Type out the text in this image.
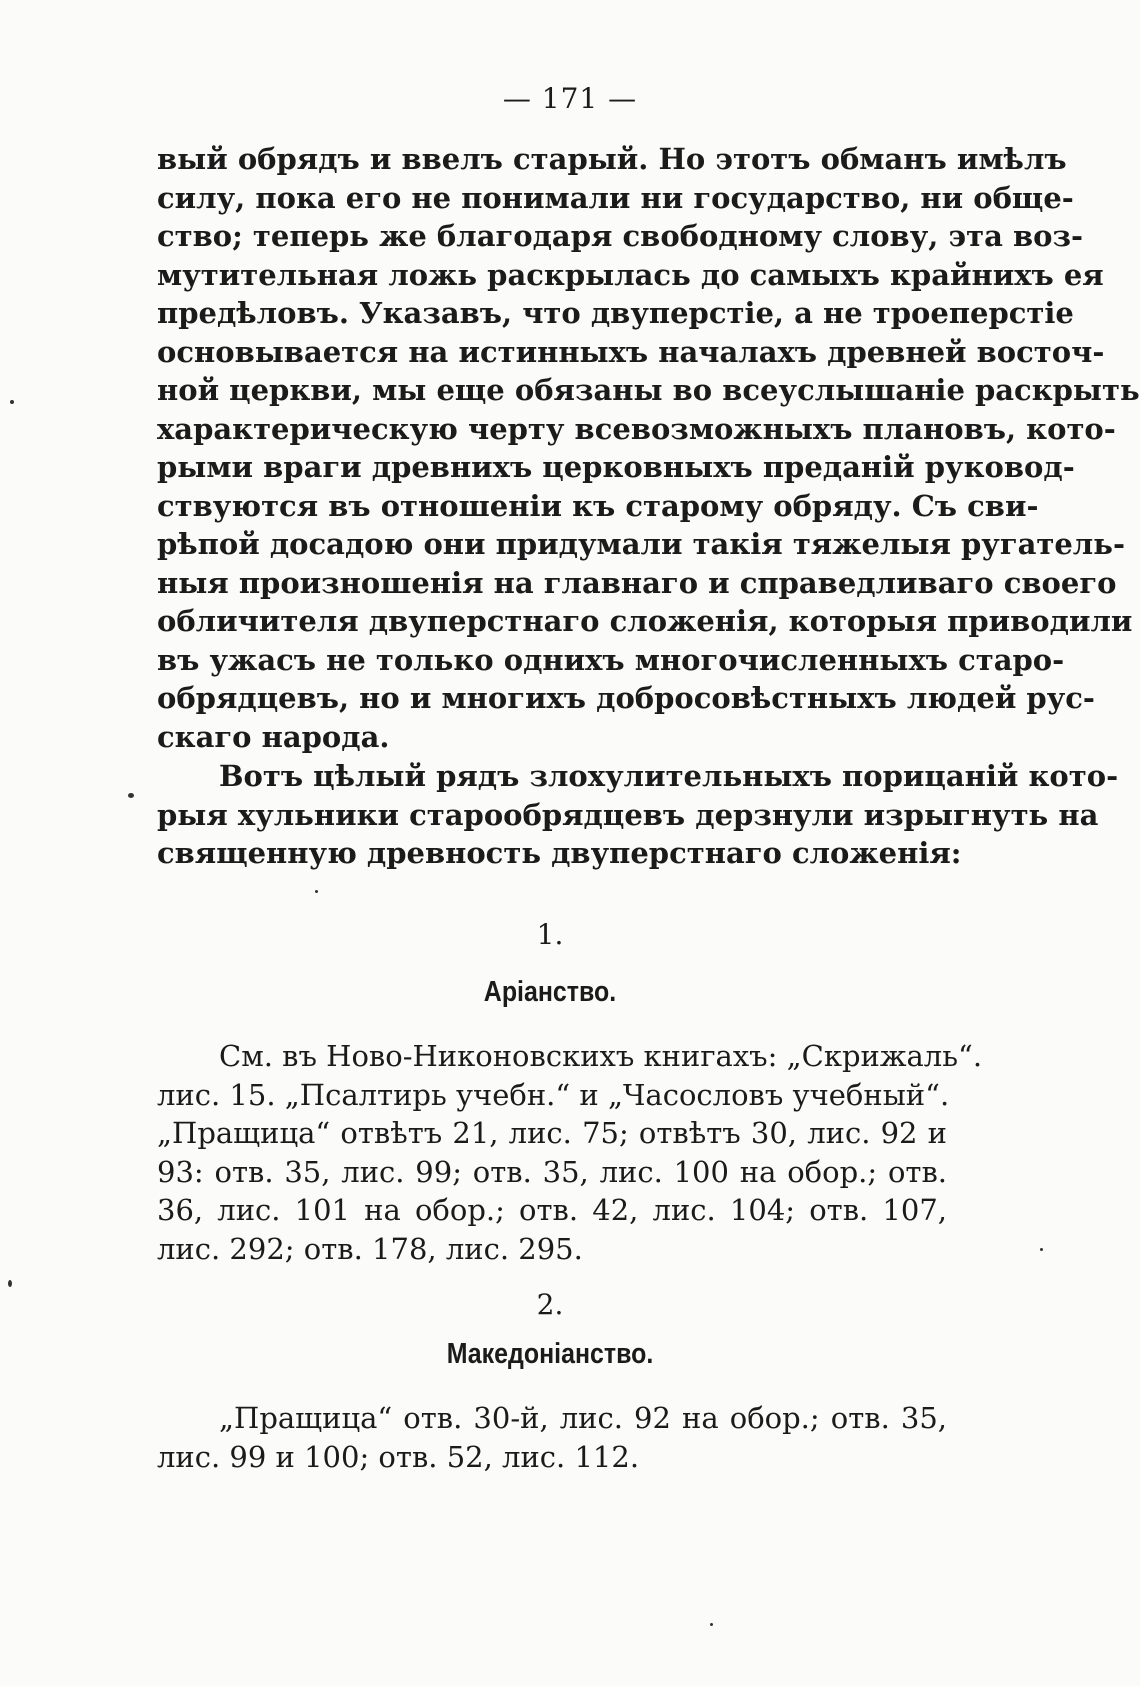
— 171 —
вый обрядъ и ввелъ старый. Но этотъ обманъ имѣлъ
силу, пока его не понимали ни государство, ни обще-
ство; теперь же благодаря свободному слову, эта воз-
мутительная ложь раскрылась до самыхъ крайнихъ ея
предѣловъ. Указавъ, что двуперстіе, а не троеперстіе
основывается на истинныхъ началахъ древней восточ-
ной церкви, мы еще обязаны во всеуслышаніе раскрыть
характерическую черту всевозможныхъ плановъ, кото-
рыми враги древнихъ церковныхъ преданій руковод-
ствуются въ отношеніи къ старому обряду. Съ сви-
рѣпой досадою они придумали такія тяжелыя ругатель-
ныя произношенія на главнаго и справедливаго своего
обличителя двуперстнаго сложенія, которыя приводили
въ ужасъ не только однихъ многочисленныхъ старо-
обрядцевъ, но и многихъ добросовѣстныхъ людей рус-
скаго народа.
Вотъ цѣлый рядъ злохулительныхъ порицаній кото-
рыя хульники старообрядцевъ дерзнули изрыгнуть на
священную древность двуперстнаго сложенія:
1.
Аріанство.
См. въ Ново-Никоновскихъ книгахъ: „Скрижаль“.
лис. 15. „Псалтирь учебн.“ и „Часословъ учебный“.
„Пращица“ отвѣтъ 21, лис. 75; отвѣтъ 30, лис. 92 и
93: отв. 35, лис. 99; отв. 35, лис. 100 на обор.; отв.
36, лис. 101 на обор.; отв. 42, лис. 104; отв. 107,
лис. 292; отв. 178, лис. 295.
2.
Македоніанство.
„Пращица“ отв. 30-й, лис. 92 на обор.; отв. 35,
лис. 99 и 100; отв. 52, лис. 112.
